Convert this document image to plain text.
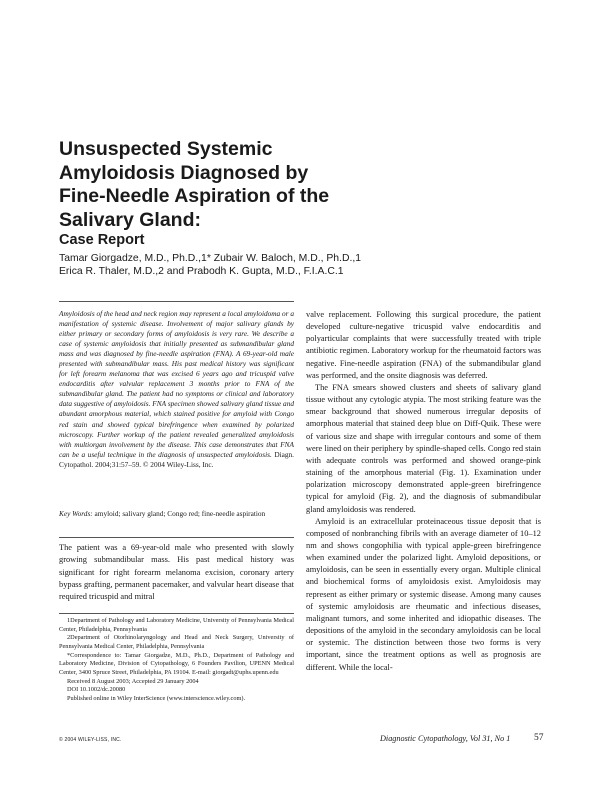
Unsuspected Systemic
Amyloidosis Diagnosed by
Fine-Needle Aspiration of the
Salivary Gland:
Case Report
Tamar Giorgadze, M.D., Ph.D.,1* Zubair W. Baloch, M.D., Ph.D.,1
Erica R. Thaler, M.D.,2 and Prabodh K. Gupta, M.D., F.I.A.C.1
Amyloidosis of the head and neck region may represent a local amyloidoma or a manifestation of systemic disease. Involvement of major salivary glands by either primary or secondary forms of amyloidosis is very rare. We describe a case of systemic amyloidosis that initially presented as submandibular gland mass and was diagnosed by fine-needle aspiration (FNA). A 69-year-old male presented with submandibular mass. His past medical history was significant for left forearm melanoma that was excised 6 years ago and tricuspid valve endocarditis after valvular replacement 3 months prior to FNA of the submandibular gland. The patient had no symptoms or clinical and laboratory data suggestive of amyloidosis. FNA specimen showed salivary gland tissue and abundant amorphous material, which stained positive for amyloid with Congo red stain and showed typical birefringence when examined by polarized microscopy. Further workup of the patient revealed generalized amyloidosis with multiorgan involvement by the disease. This case demonstrates that FNA can be a useful technique in the diagnosis of unsuspected amyloidosis. Diagn. Cytopathol. 2004;31:57–59. © 2004 Wiley-Liss, Inc.
Key Words: amyloid; salivary gland; Congo red; fine-needle aspiration

The patient was a 69-year-old male who presented with slowly growing submandibular mass. His past medical history was significant for right forearm melanoma excision, coronary artery bypass grafting, permanent pacemaker, and valvular heart disease that required tricuspid and mitral

1Department of Pathology and Laboratory Medicine, University of Pennsylvania Medical Center, Philadelphia, Pennsylvania

2Department of Otorhinolaryngology and Head and Neck Surgery, University of Pennsylvania Medical Center, Philadelphia, Pennsylvania

*Correspondence to: Tamar Giorgadze, M.D., Ph.D., Department of Pathology and Laboratory Medicine, Division of Cytopathology, 6 Founders Pavilion, UPENN Medical Center, 3400 Spruce Street, Philadelphia, PA 19104. E-mail: giorgadt@uphs.upenn.edu

Received 8 August 2003; Accepted 29 January 2004

DOI 10.1002/dc.20080

Published online in Wiley InterScience (www.interscience.wiley.com).

valve replacement. Following this surgical procedure, the patient developed culture-negative tricuspid valve endocarditis and polyarticular complaints that were successfully treated with triple antibiotic regimen. Laboratory workup for the rheumatoid factors was negative. Fine-needle aspiration (FNA) of the submandibular gland was performed, and the onsite diagnosis was deferred.

The FNA smears showed clusters and sheets of salivary gland tissue without any cytologic atypia. The most striking feature was the smear background that showed numerous irregular deposits of amorphous material that stained deep blue on Diff-Quik. These were of various size and shape with irregular contours and some of them were lined on their periphery by spindle-shaped cells. Congo red stain with adequate controls was performed and showed orange-pink staining of the amorphous material (Fig. 1). Examination under polarization microscopy demonstrated apple-green birefringence typical for amyloid (Fig. 2), and the diagnosis of submandibular gland amyloidosis was rendered.

Amyloid is an extracellular proteinaceous tissue deposit that is composed of nonbranching fibrils with an average diameter of 10–12 nm and shows congophilia with typical apple-green birefringence when examined under the polarized light. Amyloid depositions, or amyloidosis, can be seen in essentially every organ. Multiple clinical and biochemical forms of amyloidosis exist. Amyloidosis may represent as either primary or systemic disease. Among many causes of systemic amyloidosis are rheumatic and infectious diseases, malignant tumors, and some inherited and idiopathic diseases. The depositions of the amyloid in the secondary amyloidosis can be local or systemic. The distinction between those two forms is very important, since the treatment options as well as prognosis are different. While the local-

© 2004 WILEY-LISS, INC.	Diagnostic Cytopathology, Vol 31, No 1 57
